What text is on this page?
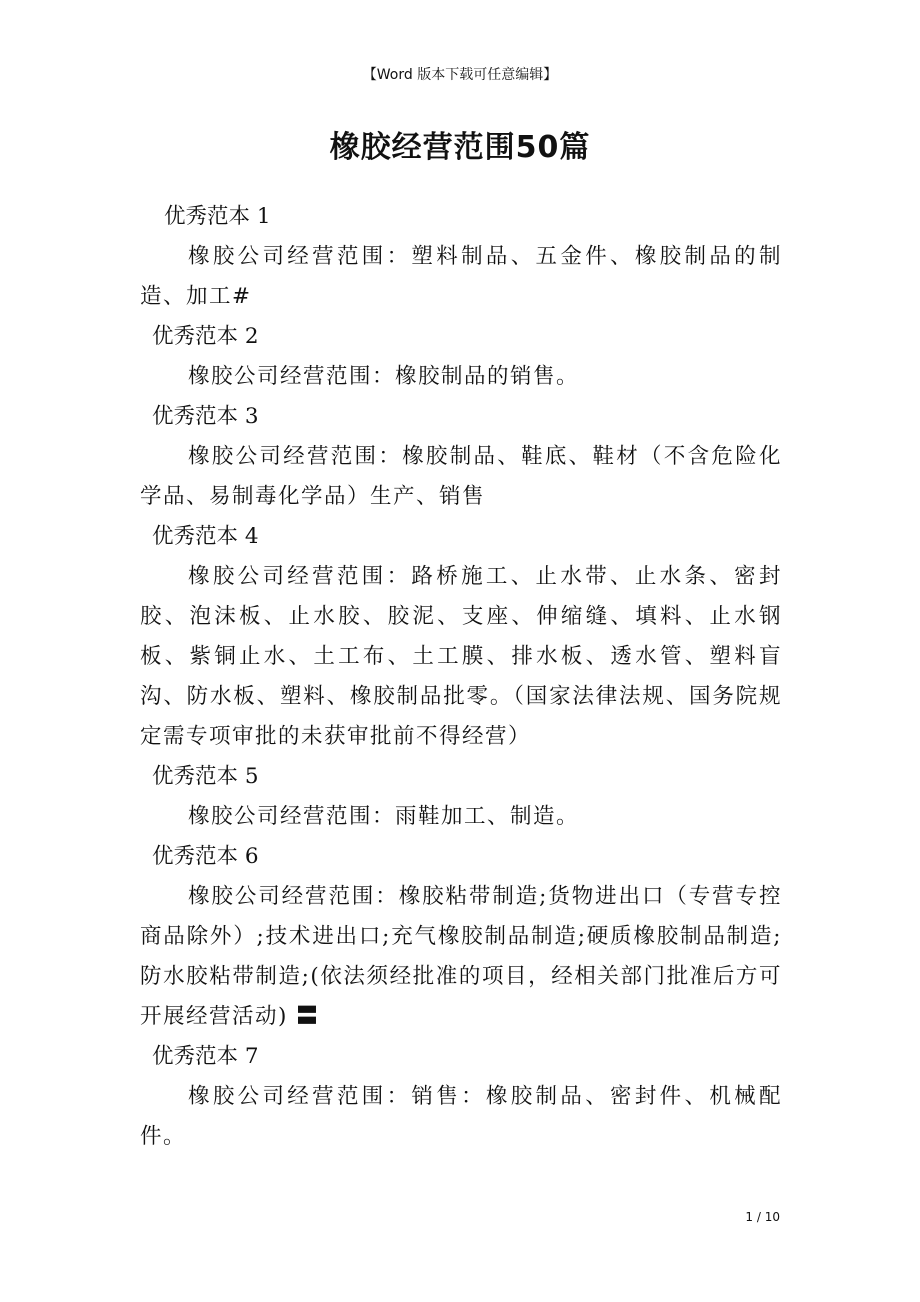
【Word 版本下载可任意编辑】
橡胶经营范围50篇

优秀范本 1

橡胶公司经营范围：塑料制品、五金件、橡胶制品的制造、加工#

优秀范本 2

橡胶公司经营范围：橡胶制品的销售。

优秀范本 3

橡胶公司经营范围：橡胶制品、鞋底、鞋材（不含危险化学品、易制毒化学品）生产、销售

优秀范本 4

橡胶公司经营范围：路桥施工、止水带、止水条、密封胶、泡沫板、止水胶、胶泥、支座、伸缩缝、填料、止水钢板、紫铜止水、土工布、土工膜、排水板、透水管、塑料盲沟、防水板、塑料、橡胶制品批零。（国家法律法规、国务院规定需专项审批的未获审批前不得经营）

优秀范本 5

橡胶公司经营范围：雨鞋加工、制造。

优秀范本 6

橡胶公司经营范围：橡胶粘带制造;货物进出口（专营专控商品除外）;技术进出口;充气橡胶制品制造;硬质橡胶制品制造;防水胶粘带制造;(依法须经批准的项目，经相关部门批准后方可开展经营活动) 〓

优秀范本 7

橡胶公司经营范围：销售：橡胶制品、密封件、机械配件。

1 / 10
